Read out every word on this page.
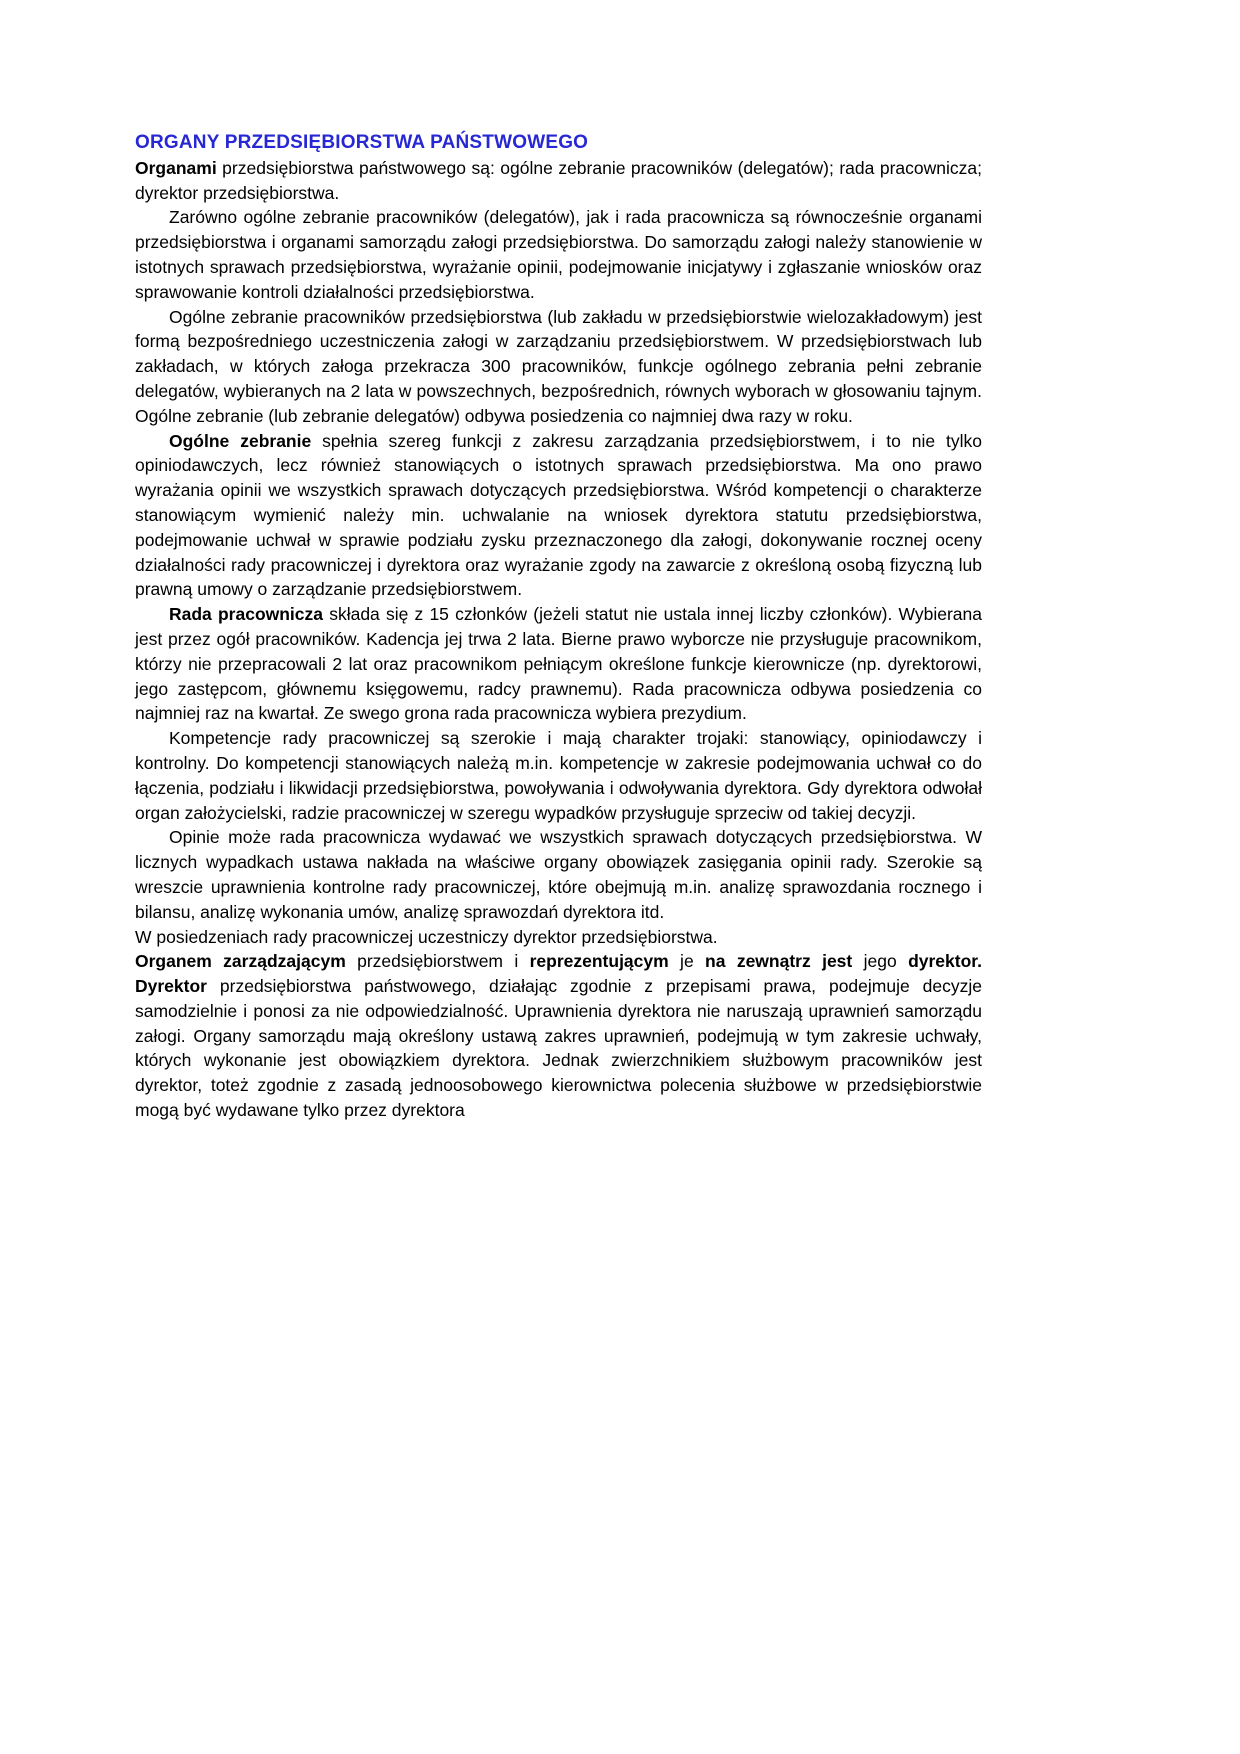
ORGANY PRZEDSIĘBIORSTWA PAŃSTWOWEGO

Organami przedsiębiorstwa państwowego są: ogólne zebranie pracowników (delegatów); rada pracownicza; dyrektor przedsiębiorstwa.

Zarówno ogólne zebranie pracowników (delegatów), jak i rada pracownicza są równocześnie organami przedsiębiorstwa i organami samorządu załogi przedsiębiorstwa. Do samorządu załogi należy stanowienie w istotnych sprawach przedsiębiorstwa, wyrażanie opinii, podejmowanie inicjatywy i zgłaszanie wniosków oraz sprawowanie kontroli działalności przedsiębiorstwa.

Ogólne zebranie pracowników przedsiębiorstwa (lub zakładu w przedsiębiorstwie wielozakładowym) jest formą bezpośredniego uczestniczenia załogi w zarządzaniu przedsiębiorstwem. W przedsiębiorstwach lub zakładach, w których załoga przekracza 300 pracowników, funkcje ogólnego zebrania pełni zebranie delegatów, wybieranych na 2 lata w powszechnych, bezpośrednich, równych wyborach w głosowaniu tajnym. Ogólne zebranie (lub zebranie delegatów) odbywa posiedzenia co najmniej dwa razy w roku.

Ogólne zebranie spełnia szereg funkcji z zakresu zarządzania przedsiębiorstwem, i to nie tylko opiniodawczych, lecz również stanowiących o istotnych sprawach przedsiębiorstwa. Ma ono prawo wyrażania opinii we wszystkich sprawach dotyczących przedsiębiorstwa. Wśród kompetencji o charakterze stanowiącym wymienić należy min. uchwalanie na wniosek dyrektora statutu przedsiębiorstwa, podejmowanie uchwał w sprawie podziału zysku przeznaczonego dla załogi, dokonywanie rocznej oceny działalności rady pracowniczej i dyrektora oraz wyrażanie zgody na zawarcie z określoną osobą fizyczną lub prawną umowy o zarządzanie przedsiębiorstwem.

Rada pracownicza składa się z 15 członków (jeżeli statut nie ustala innej liczby członków). Wybierana jest przez ogół pracowników. Kadencja jej trwa 2 lata. Bierne prawo wyborcze nie przysługuje pracownikom, którzy nie przepracowali 2 lat oraz pracownikom pełniącym określone funkcje kierownicze (np. dyrektorowi, jego zastępcom, głównemu księgowemu, radcy prawnemu). Rada pracownicza odbywa posiedzenia co najmniej raz na kwartał. Ze swego grona rada pracownicza wybiera prezydium.

Kompetencje rady pracowniczej są szerokie i mają charakter trojaki: stanowiący, opiniodawczy i kontrolny. Do kompetencji stanowiących należą m.in. kompetencje w zakresie podejmowania uchwał co do łączenia, podziału i likwidacji przedsiębiorstwa, powoływania i odwoływania dyrektora. Gdy dyrektora odwołał organ założycielski, radzie pracowniczej w szeregu wypadków przysługuje sprzeciw od takiej decyzji.

Opinie może rada pracownicza wydawać we wszystkich sprawach dotyczących przedsiębiorstwa. W licznych wypadkach ustawa nakłada na właściwe organy obowiązek zasięgania opinii rady. Szerokie są wreszcie uprawnienia kontrolne rady pracowniczej, które obejmują m.in. analizę sprawozdania rocznego i bilansu, analizę wykonania umów, analizę sprawozdań dyrektora itd.

W posiedzeniach rady pracowniczej uczestniczy dyrektor przedsiębiorstwa.

Organem zarządzającym przedsiębiorstwem i reprezentującym je na zewnątrz jest jego dyrektor. Dyrektor przedsiębiorstwa państwowego, działając zgodnie z przepisami prawa, podejmuje decyzje samodzielnie i ponosi za nie odpowiedzialność. Uprawnienia dyrektora nie naruszają uprawnień samorządu załogi. Organy samorządu mają określony ustawą zakres uprawnień, podejmują w tym zakresie uchwały, których wykonanie jest obowiązkiem dyrektora. Jednak zwierzchnikiem służbowym pracowników jest dyrektor, toteż zgodnie z zasadą jednoosobowego kierownictwa polecenia służbowe w przedsiębiorstwie mogą być wydawane tylko przez dyrektora
